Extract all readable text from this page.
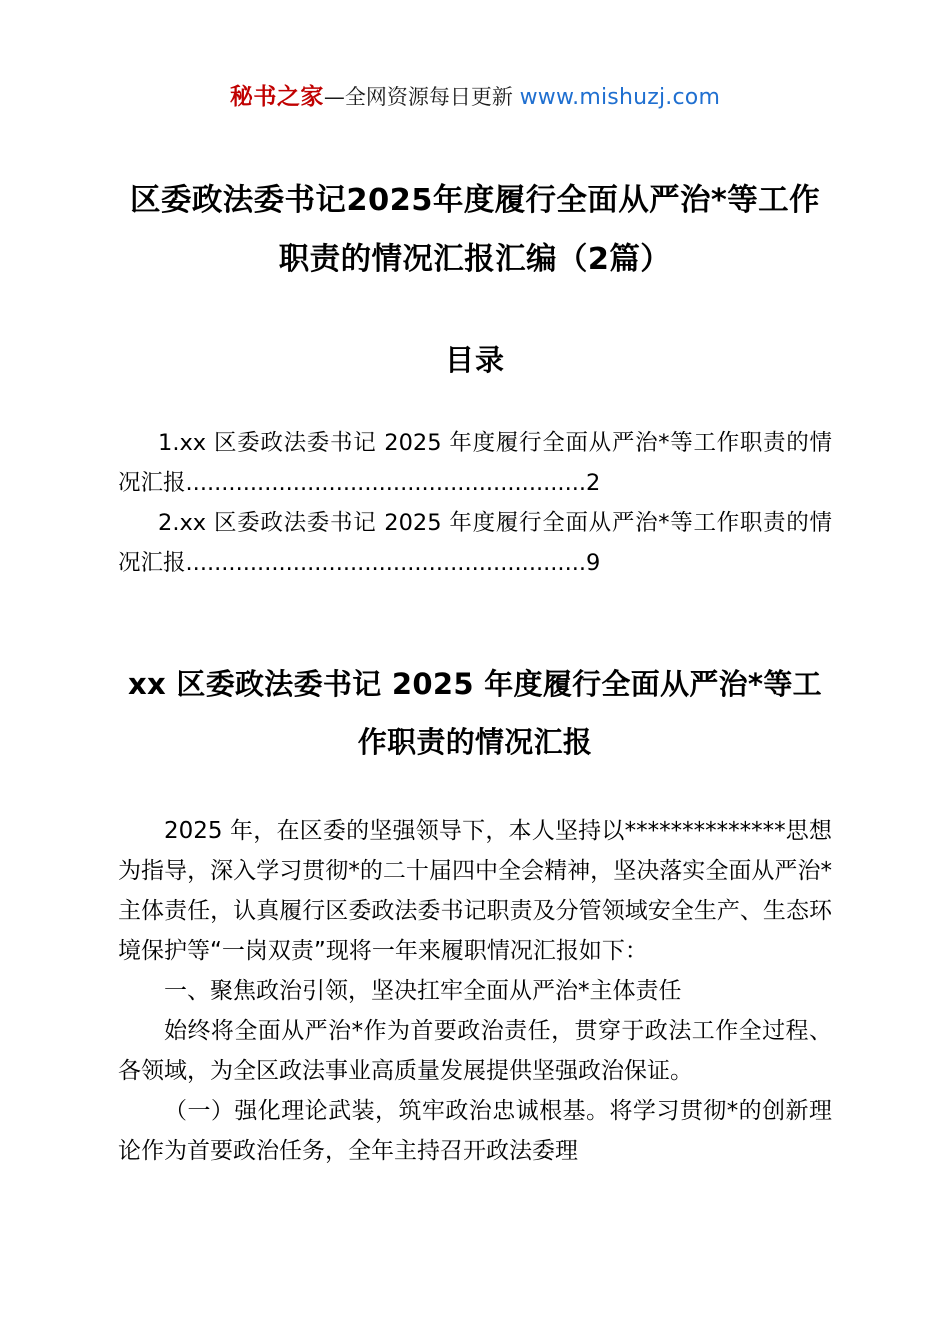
秘书之家—全网资源每日更新 www.mishuzj.com
区委政法委书记2025年度履行全面从严治*等工作职责的情况汇报汇编（2篇）
目录
1.xx 区委政法委书记 2025 年度履行全面从严治*等工作职责的情况汇报........................................................2
2.xx 区委政法委书记 2025 年度履行全面从严治*等工作职责的情况汇报........................................................9
xx 区委政法委书记 2025 年度履行全面从严治*等工作职责的情况汇报

2025 年，在区委的坚强领导下，本人坚持以**************思想为指导，深入学习贯彻*的二十届四中全会精神，坚决落实全面从严治*主体责任，认真履行区委政法委书记职责及分管领域安全生产、生态环境保护等“一岗双责”现将一年来履职情况汇报如下：

一、聚焦政治引领，坚决扛牢全面从严治*主体责任

始终将全面从严治*作为首要政治责任，贯穿于政法工作全过程、各领域，为全区政法事业高质量发展提供坚强政治保证。

（一）强化理论武装，筑牢政治忠诚根基。将学习贯彻*的创新理论作为首要政治任务，全年主持召开政法委理
